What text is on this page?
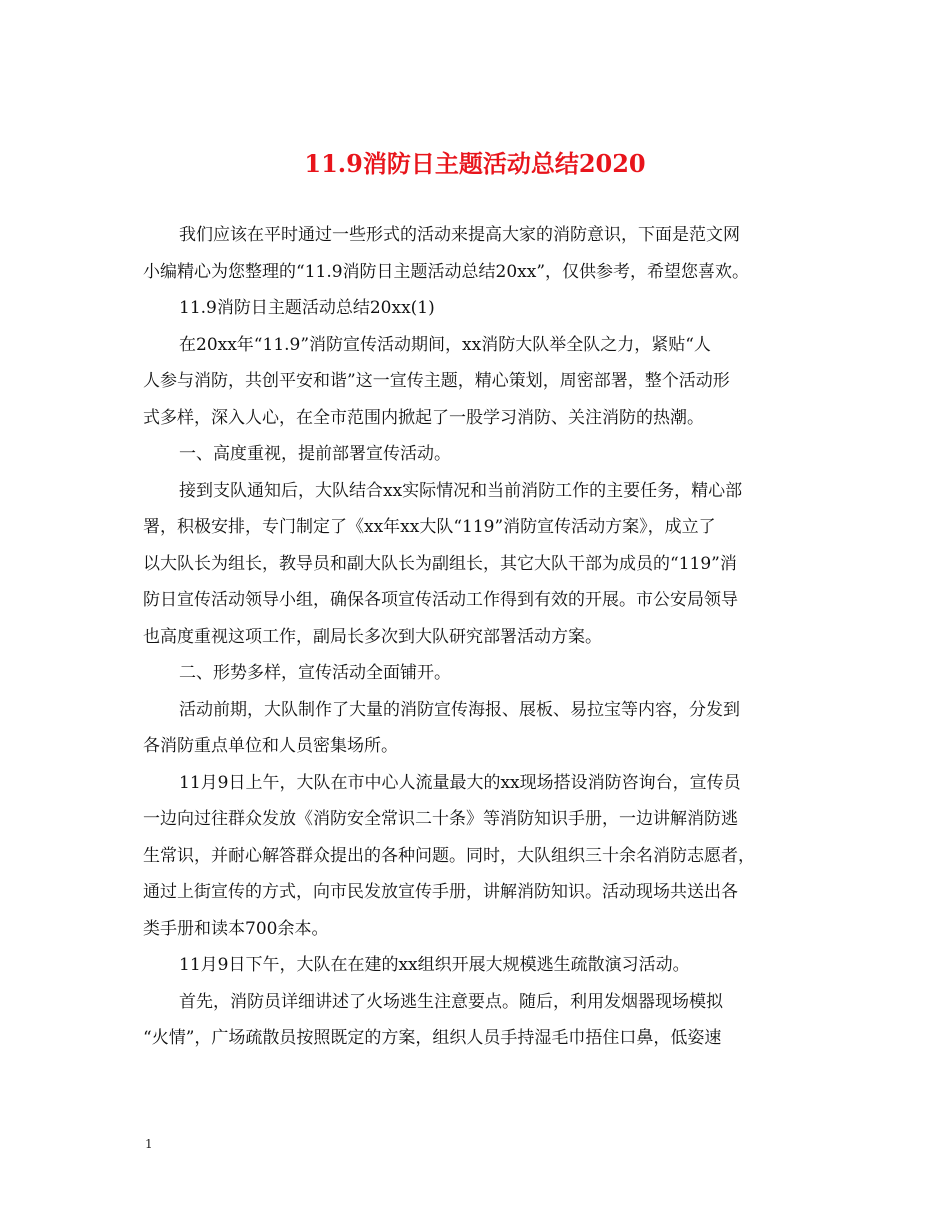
11.9消防日主题活动总结2020
我们应该在平时通过一些形式的活动来提高大家的消防意识，下面是范文网
小编精心为您整理的“11.9消防日主题活动总结20xx”，仅供参考，希望您喜欢。
11.9消防日主题活动总结20xx(1)
在20xx年“11.9”消防宣传活动期间，xx消防大队举全队之力，紧贴“人
人参与消防，共创平安和谐”这一宣传主题，精心策划，周密部署，整个活动形
式多样，深入人心，在全市范围内掀起了一股学习消防、关注消防的热潮。
一、高度重视，提前部署宣传活动。
接到支队通知后，大队结合xx实际情况和当前消防工作的主要任务，精心部
署，积极安排，专门制定了《xx年xx大队“119”消防宣传活动方案》，成立了
以大队长为组长，教导员和副大队长为副组长，其它大队干部为成员的“119”消
防日宣传活动领导小组，确保各项宣传活动工作得到有效的开展。市公安局领导
也高度重视这项工作，副局长多次到大队研究部署活动方案。
二、形势多样，宣传活动全面铺开。
活动前期，大队制作了大量的消防宣传海报、展板、易拉宝等内容，分发到
各消防重点单位和人员密集场所。
11月9日上午，大队在市中心人流量最大的xx现场搭设消防咨询台，宣传员
一边向过往群众发放《消防安全常识二十条》等消防知识手册，一边讲解消防逃
生常识，并耐心解答群众提出的各种问题。同时，大队组织三十余名消防志愿者，
通过上街宣传的方式，向市民发放宣传手册，讲解消防知识。活动现场共送出各
类手册和读本700余本。
11月9日下午，大队在在建的xx组织开展大规模逃生疏散演习活动。
首先，消防员详细讲述了火场逃生注意要点。随后，利用发烟器现场模拟
“火情”，广场疏散员按照既定的方案，组织人员手持湿毛巾捂住口鼻，低姿速
1
